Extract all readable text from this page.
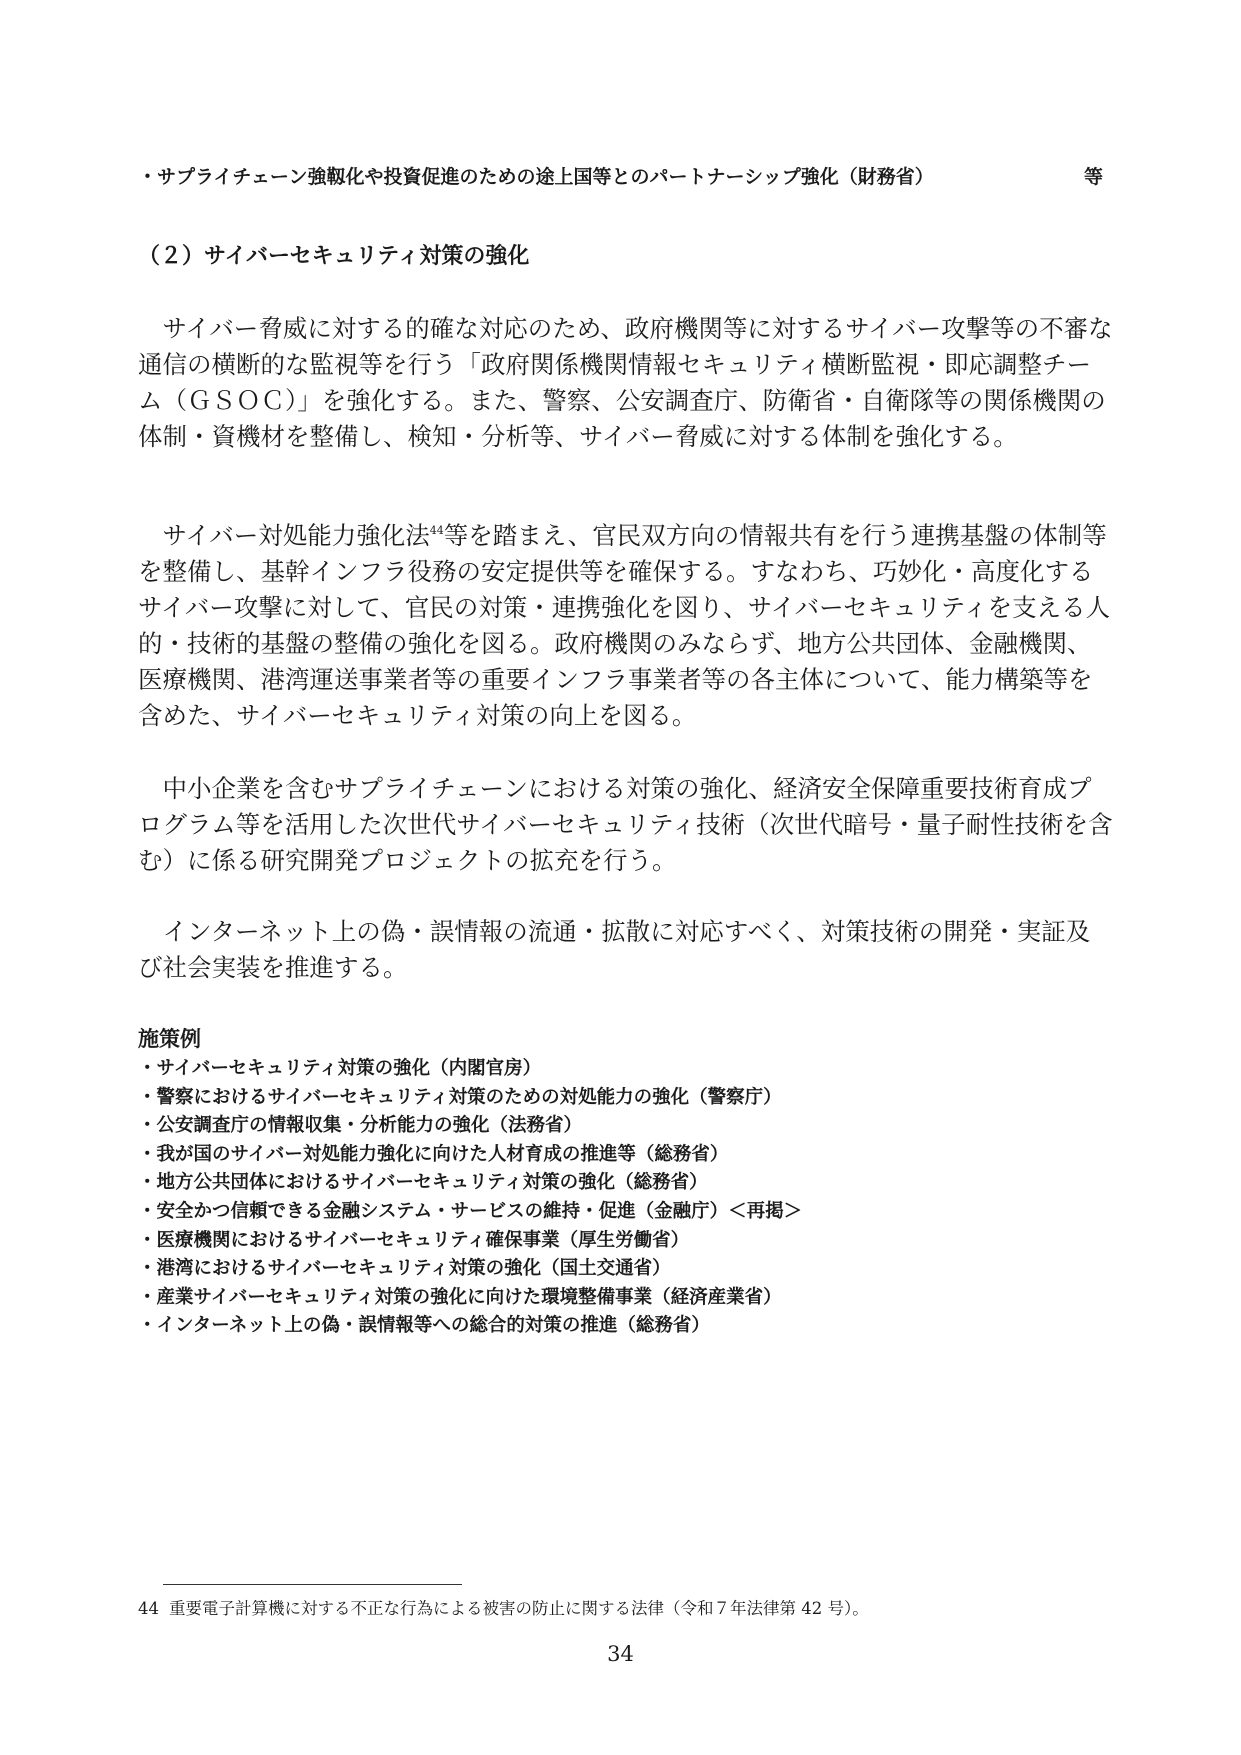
・サプライチェーン強靱化や投資促進のための途上国等とのパートナーシップ強化（財務省）	等
（２）サイバーセキュリティ対策の強化

サイバー脅威に対する的確な対応のため、政府機関等に対するサイバー攻撃等の不審な通信の横断的な監視等を行う「政府関係機関情報セキュリティ横断監視・即応調整チーム（ＧＳＯＣ）」を強化する。また、警察、公安調査庁、防衛省・自衛隊等の関係機関の体制・資機材を整備し、検知・分析等、サイバー脅威に対する体制を強化する。

サイバー対処能力強化法$^{44}$等を踏まえ、官民双方向の情報共有を行う連携基盤の体制等を整備し、基幹インフラ役務の安定提供等を確保する。すなわち、巧妙化・高度化するサイバー攻撃に対して、官民の対策・連携強化を図り、サイバーセキュリティを支える人的・技術的基盤の整備の強化を図る。政府機関のみならず、地方公共団体、金融機関、医療機関、港湾運送事業者等の重要インフラ事業者等の各主体について、能力構築等を含めた、サイバーセキュリティ対策の向上を図る。

中小企業を含むサプライチェーンにおける対策の強化、経済安全保障重要技術育成プログラム等を活用した次世代サイバーセキュリティ技術（次世代暗号・量子耐性技術を含む）に係る研究開発プロジェクトの拡充を行う。

インターネット上の偽・誤情報の流通・拡散に対応すべく、対策技術の開発・実証及び社会実装を推進する。

施策例
・サイバーセキュリティ対策の強化（内閣官房）
・警察におけるサイバーセキュリティ対策のための対処能力の強化（警察庁）
・公安調査庁の情報収集・分析能力の強化（法務省）
・我が国のサイバー対処能力強化に向けた人材育成の推進等（総務省）
・地方公共団体におけるサイバーセキュリティ対策の強化（総務省）
・安全かつ信頼できる金融システム・サービスの維持・促進（金融庁）＜再掲＞
・医療機関におけるサイバーセキュリティ確保事業（厚生労働省）
・港湾におけるサイバーセキュリティ対策の強化（国土交通省）
・産業サイバーセキュリティ対策の強化に向けた環境整備事業（経済産業省）
・インターネット上の偽・誤情報等への総合的対策の推進（総務省）
44 重要電子計算機に対する不正な行為による被害の防止に関する法律（令和７年法律第 42 号）。
34
